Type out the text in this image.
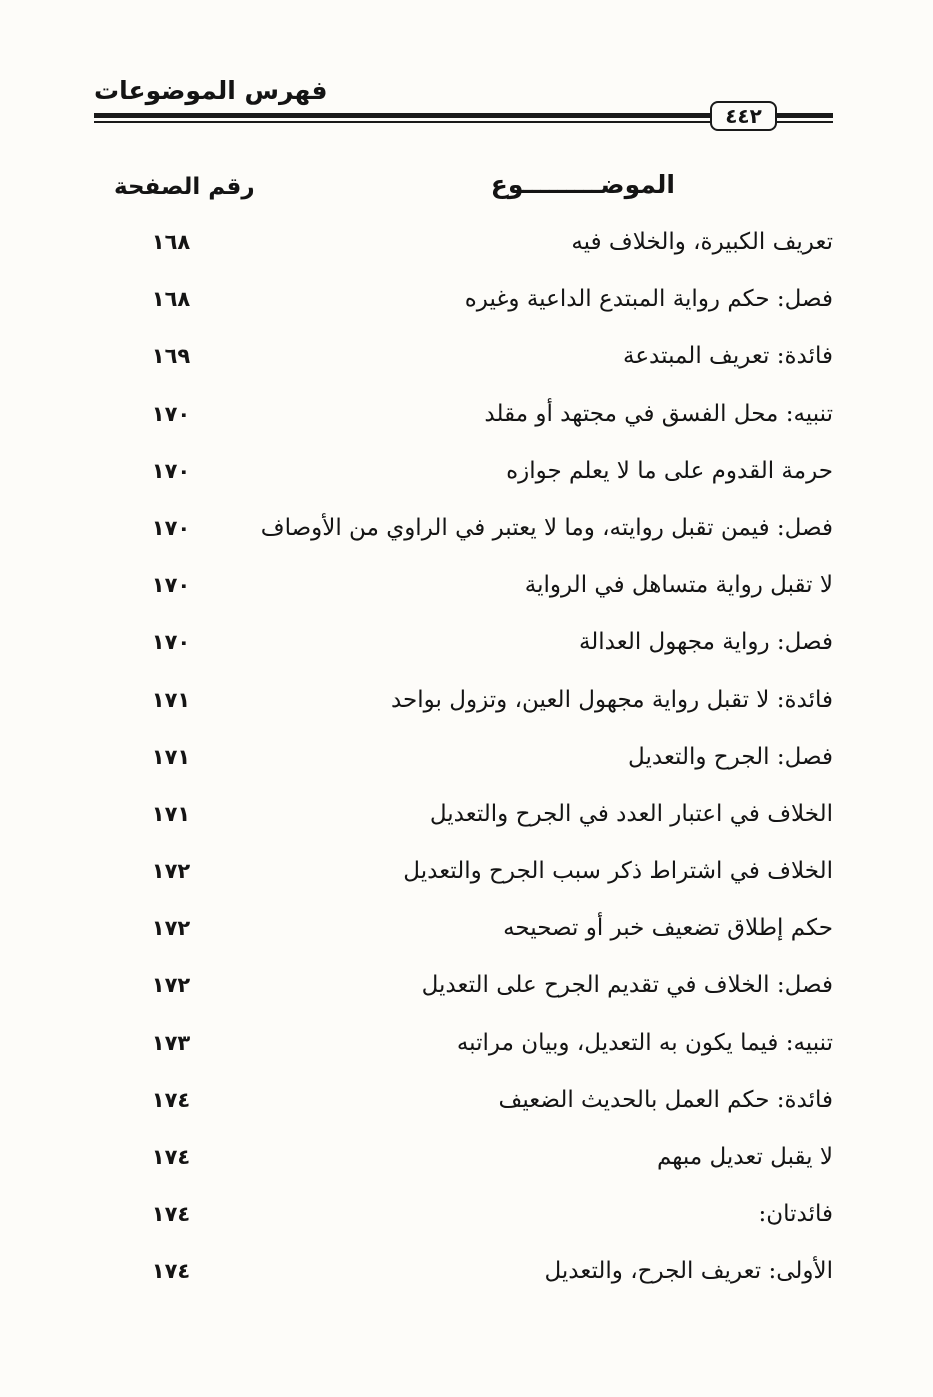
فهرس الموضوعات
٤٤٢
الموضـــــــــوع
رقم الصفحة
تعريف الكبيرة، والخلاف فيه
١٦٨
فصل: حكم رواية المبتدع الداعية وغيره
١٦٨
فائدة: تعريف المبتدعة
١٦٩
تنبيه: محل الفسق في مجتهد أو مقلد
١٧٠
حرمة القدوم على ما لا يعلم جوازه
١٧٠
فصل: فيمن تقبل روايته، وما لا يعتبر في الراوي من الأوصاف
١٧٠
لا تقبل رواية متساهل في الرواية
١٧٠
فصل: رواية مجهول العدالة
١٧٠
فائدة: لا تقبل رواية مجهول العين، وتزول بواحد
١٧١
فصل: الجرح والتعديل
١٧١
الخلاف في اعتبار العدد في الجرح والتعديل
١٧١
الخلاف في اشتراط ذكر سبب الجرح والتعديل
١٧٢
حكم إطلاق تضعيف خبر أو تصحيحه
١٧٢
فصل: الخلاف في تقديم الجرح على التعديل
١٧٢
تنبيه: فيما يكون به التعديل، وبيان مراتبه
١٧٣
فائدة: حكم العمل بالحديث الضعيف
١٧٤
لا يقبل تعديل مبهم
١٧٤
فائدتان:
١٧٤
الأولى: تعريف الجرح، والتعديل
١٧٤
